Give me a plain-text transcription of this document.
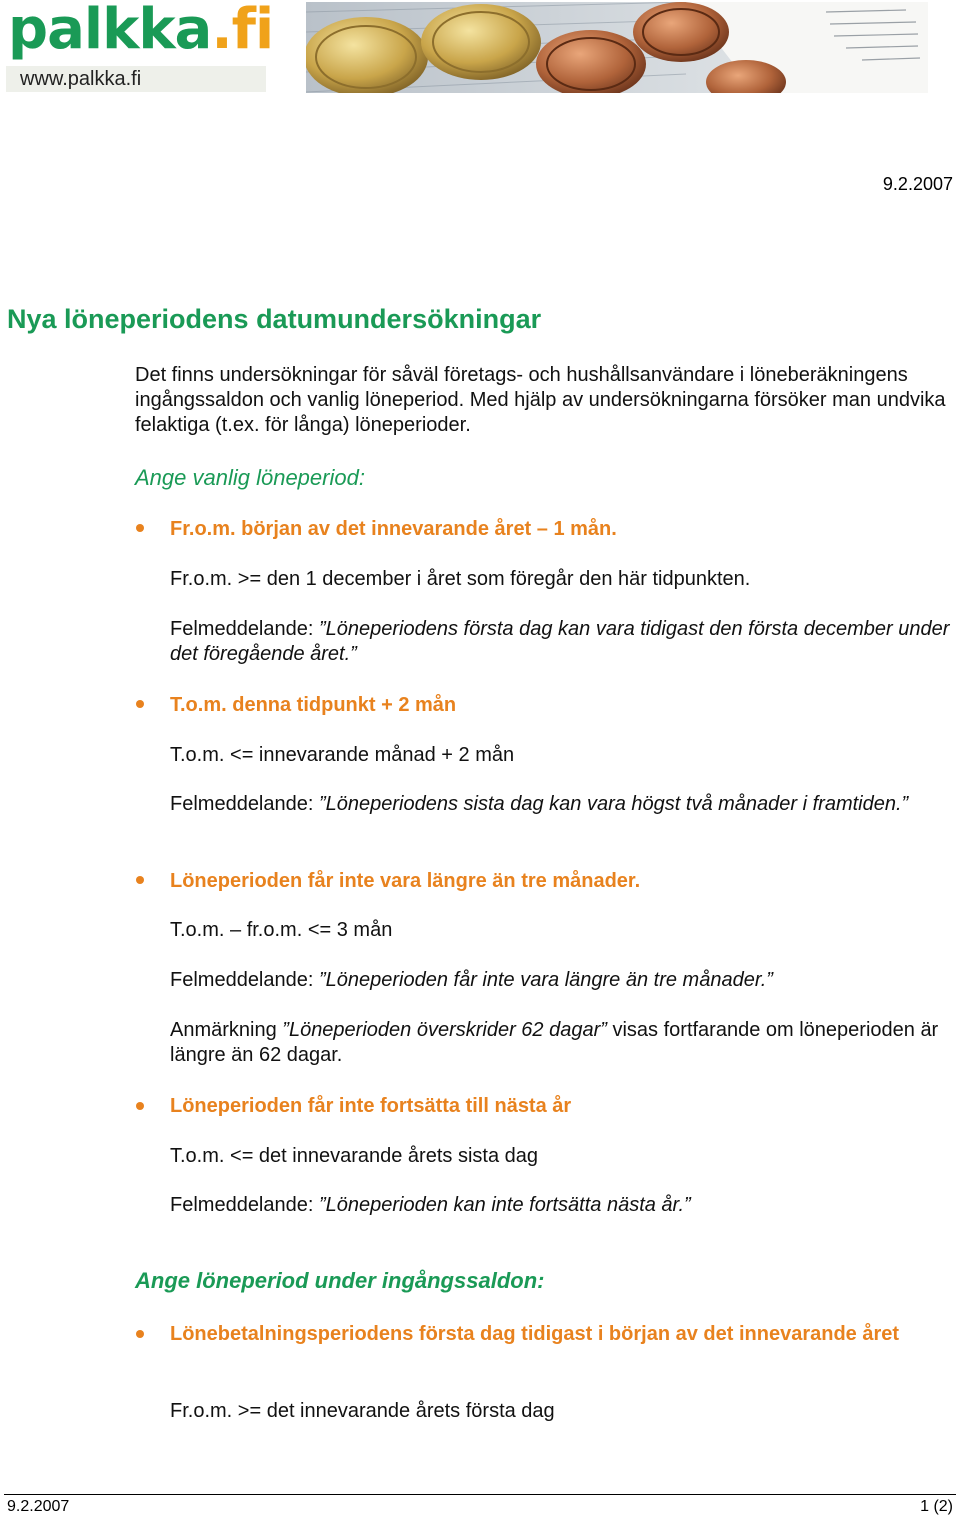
palkka.fi
www.palkka.fi
9.2.2007
Nya löneperiodens datumundersökningar

Det finns undersökningar för såväl företags- och hushållsanvändare i löneberäkningens ingångssaldon och vanlig löneperiod. Med hjälp av undersökningarna försöker man undvika felaktiga (t.ex. för långa) löneperioder.

Ange vanlig löneperiod:

Fr.o.m. början av det innevarande året – 1 mån.

Fr.o.m. >= den 1 december i året som föregår den här tidpunkten.

Felmeddelande: ”Löneperiodens första dag kan vara tidigast den första december under det föregående året.”

T.o.m. denna tidpunkt + 2 mån

T.o.m. <= innevarande månad + 2 mån

Felmeddelande: ”Löneperiodens sista dag kan vara högst två månader i framtiden.”

Löneperioden får inte vara längre än tre månader.

T.o.m. – fr.o.m. <= 3 mån

Felmeddelande: ”Löneperioden får inte vara längre än tre månader.”

Anmärkning ”Löneperioden överskrider 62 dagar” visas fortfarande om löneperioden är längre än 62 dagar.

Löneperioden får inte fortsätta till nästa år

T.o.m. <= det innevarande årets sista dag

Felmeddelande: ”Löneperioden kan inte fortsätta nästa år.”

Ange löneperiod under ingångssaldon:

Lönebetalningsperiodens första dag tidigast i början av det innevarande året

Fr.o.m. >= det innevarande årets första dag

9.2.2007	1 (2)
